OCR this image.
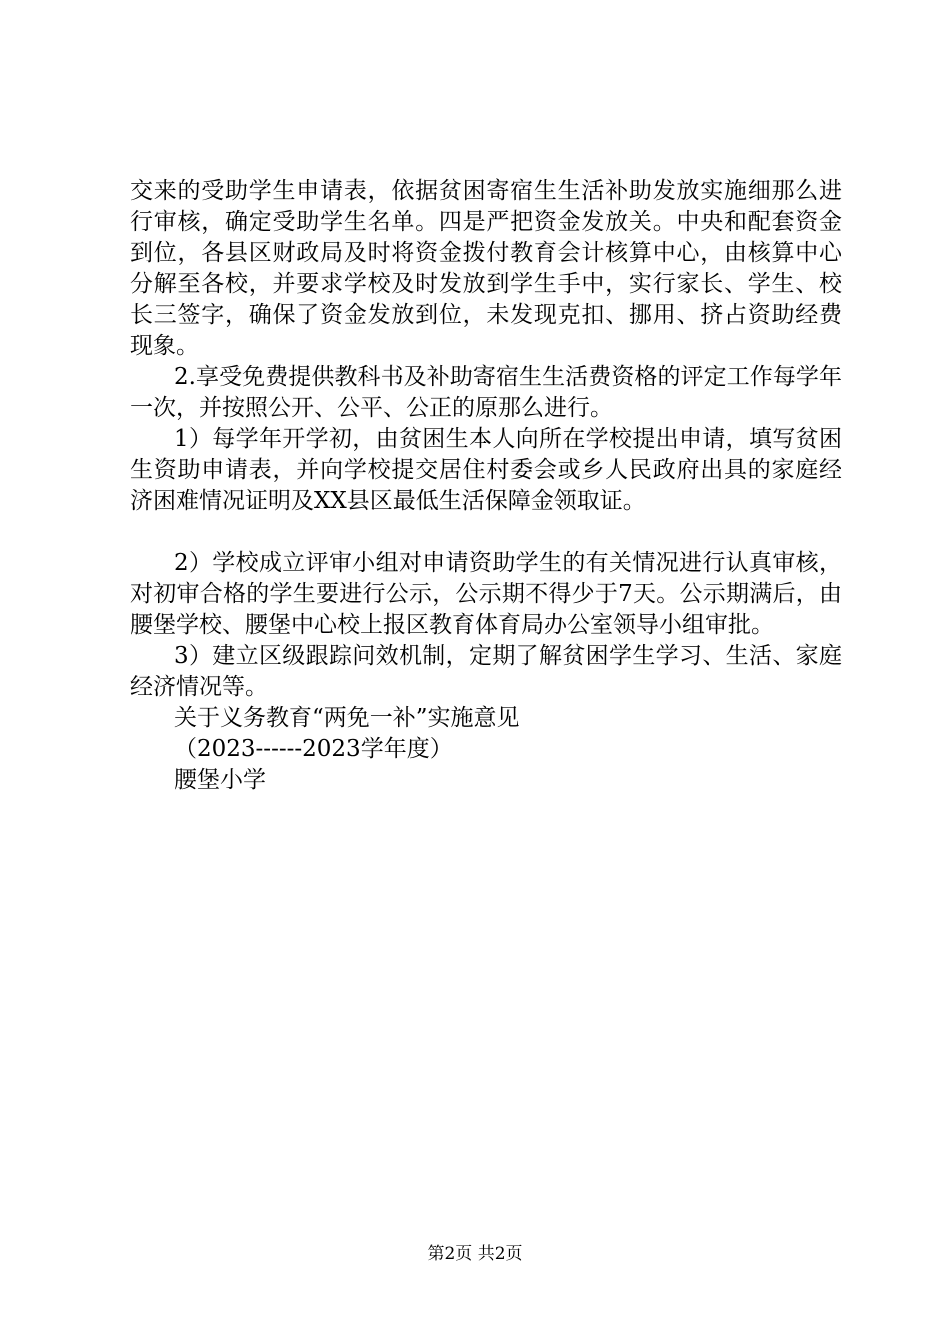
交来的受助学生申请表，依据贫困寄宿生生活补助发放实施细那么进行审核，确定受助学生名单。四是严把资金发放关。中央和配套资金到位，各县区财政局及时将资金拨付教育会计核算中心，由核算中心分解至各校，并要求学校及时发放到学生手中，实行家长、学生、校长三签字，确保了资金发放到位，未发现克扣、挪用、挤占资助经费现象。

2.享受免费提供教科书及补助寄宿生生活费资格的评定工作每学年一次，并按照公开、公平、公正的原那么进行。

1）每学年开学初，由贫困生本人向所在学校提出申请，填写贫困生资助申请表，并向学校提交居住村委会或乡人民政府出具的家庭经济困难情况证明及XX县区最低生活保障金领取证。

2）学校成立评审小组对申请资助学生的有关情况进行认真审核，对初审合格的学生要进行公示，公示期不得少于7天。公示期满后，由腰堡学校、腰堡中心校上报区教育体育局办公室领导小组审批。

3）建立区级跟踪问效机制，定期了解贫困学生学习、生活、家庭经济情况等。

关于义务教育“两免一补”实施意见

（2023------2023学年度）

腰堡小学

第2页 共2页
